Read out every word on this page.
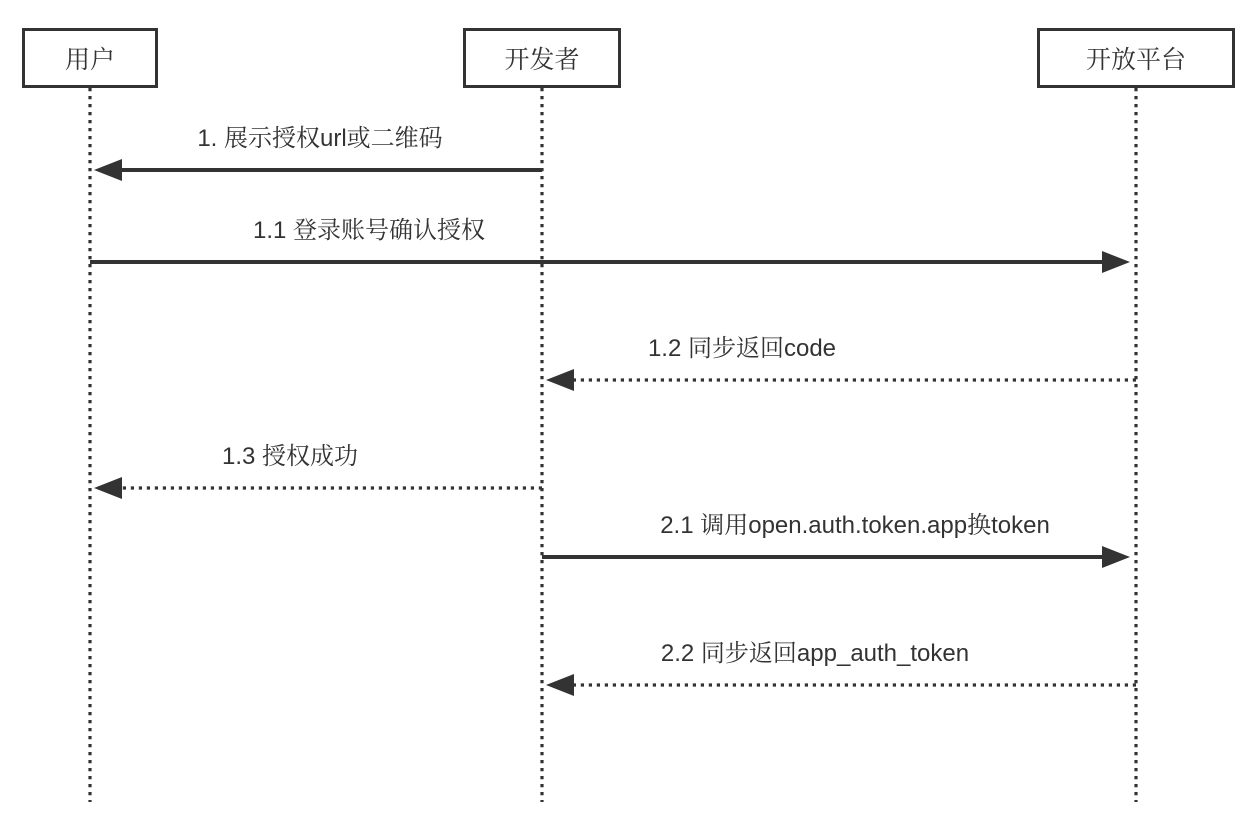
1. 展示授权url或二维码
1.1 登录账号确认授权
1.2 同步返回code
1.3 授权成功
2.1 调用open.auth.token.app换token
2.2 同步返回app_auth_token
用户	开发者	开放平台
